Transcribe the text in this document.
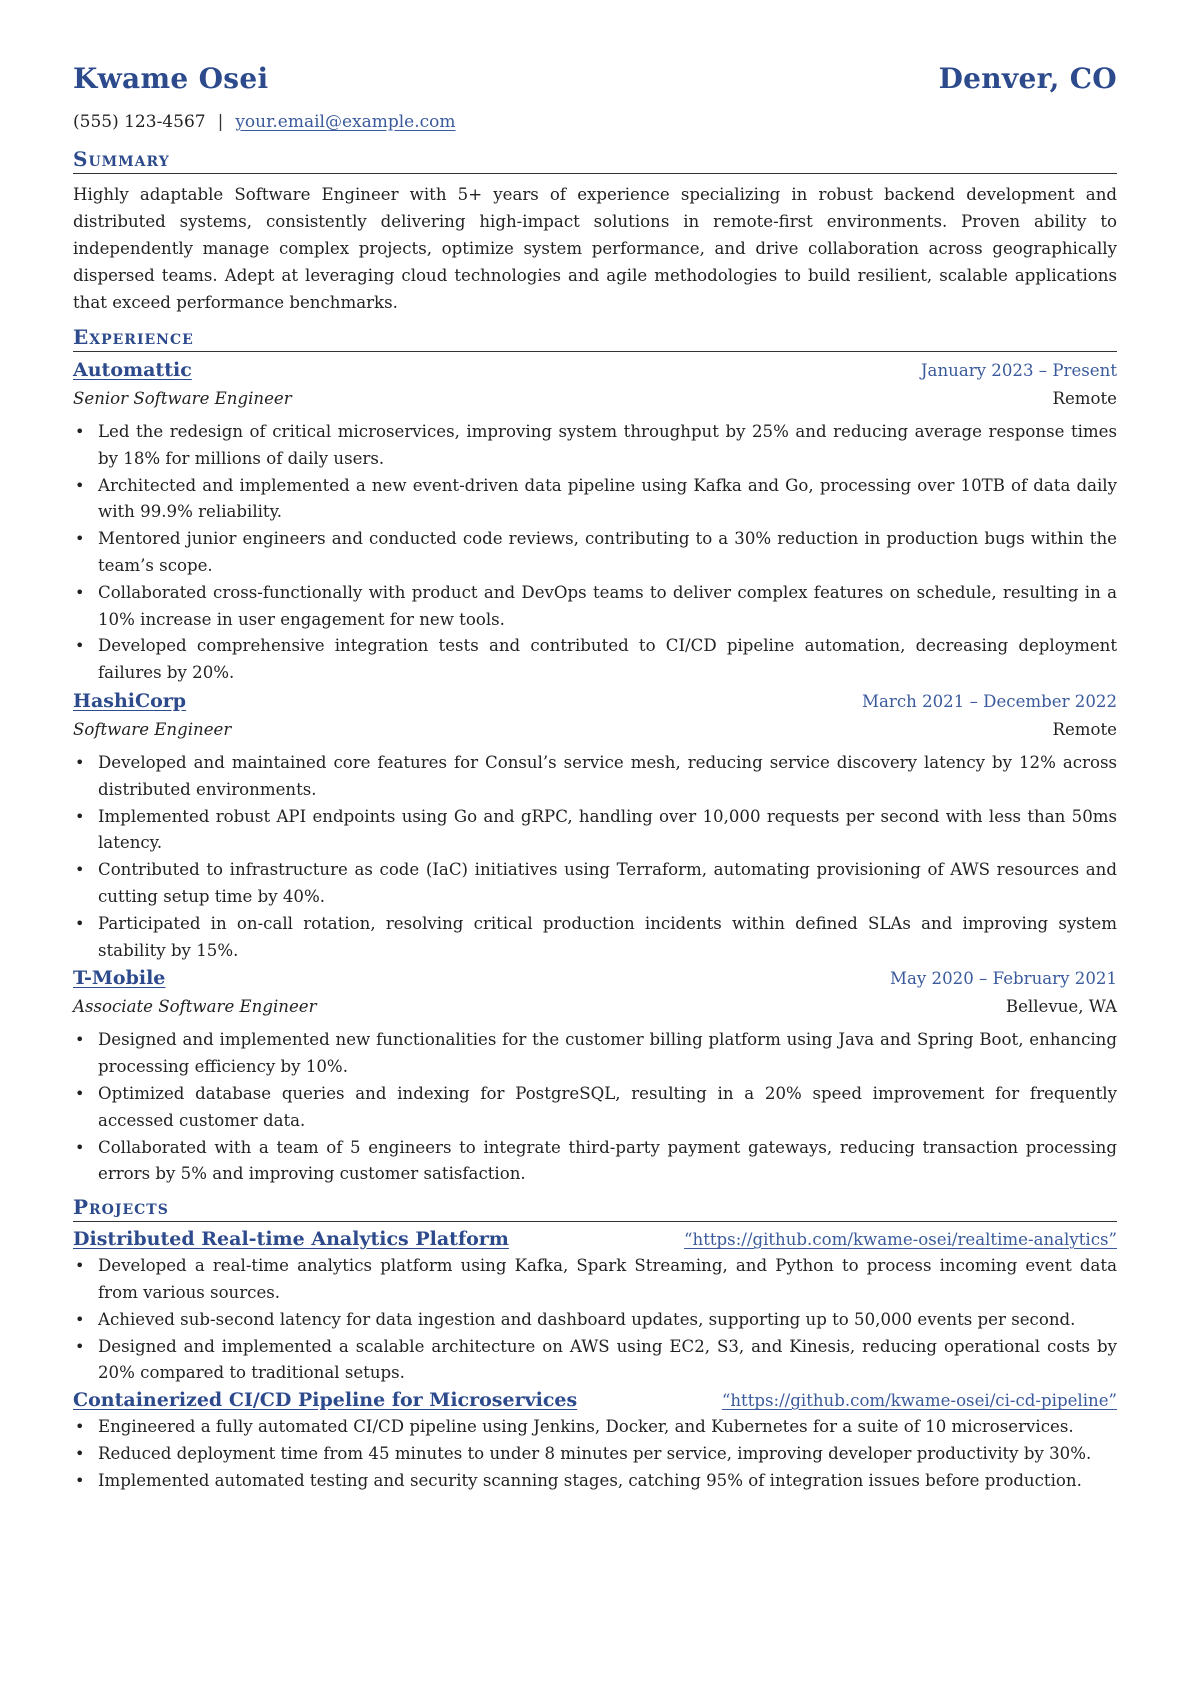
Kwame Osei	Denver, CO
(555) 123-4567 | your.email@example.com
Summary
Highly adaptable Software Engineer with 5+ years of experience specializing in robust backend development and distributed systems, consistently delivering high-impact solutions in remote-first environments. Proven ability to independently manage complex projects, optimize system performance, and drive collaboration across geographically dispersed teams. Adept at leveraging cloud technologies and agile methodologies to build resilient, scalable applications that exceed performance benchmarks.
Experience
Automattic	January 2023 – Present
Senior Software Engineer	Remote
• Led the redesign of critical microservices, improving system throughput by 25% and reducing average response times by 18% for millions of daily users.
• Architected and implemented a new event-driven data pipeline using Kafka and Go, processing over 10TB of data daily with 99.9% reliability.
• Mentored junior engineers and conducted code reviews, contributing to a 30% reduction in production bugs within the team’s scope.
• Collaborated cross-functionally with product and DevOps teams to deliver complex features on schedule, resulting in a 10% increase in user engagement for new tools.
• Developed comprehensive integration tests and contributed to CI/CD pipeline automation, decreasing deployment failures by 20%.
HashiCorp	March 2021 – December 2022
Software Engineer	Remote
• Developed and maintained core features for Consul’s service mesh, reducing service discovery latency by 12% across distributed environments.
• Implemented robust API endpoints using Go and gRPC, handling over 10,000 requests per second with less than 50ms latency.
• Contributed to infrastructure as code (IaC) initiatives using Terraform, automating provisioning of AWS resources and cutting setup time by 40%.
• Participated in on-call rotation, resolving critical production incidents within defined SLAs and improving system stability by 15%.
T-Mobile	May 2020 – February 2021
Associate Software Engineer	Bellevue, WA
• Designed and implemented new functionalities for the customer billing platform using Java and Spring Boot, enhancing processing efficiency by 10%.
• Optimized database queries and indexing for PostgreSQL, resulting in a 20% speed improvement for frequently accessed customer data.
• Collaborated with a team of 5 engineers to integrate third-party payment gateways, reducing transaction processing errors by 5% and improving customer satisfaction.
Projects
Distributed Real-time Analytics Platform	“https://github.com/kwame-osei/realtime-analytics”
• Developed a real-time analytics platform using Kafka, Spark Streaming, and Python to process incoming event data from various sources.
• Achieved sub-second latency for data ingestion and dashboard updates, supporting up to 50,000 events per second.
• Designed and implemented a scalable architecture on AWS using EC2, S3, and Kinesis, reducing operational costs by 20% compared to traditional setups.
Containerized CI/CD Pipeline for Microservices	“https://github.com/kwame-osei/ci-cd-pipeline”
• Engineered a fully automated CI/CD pipeline using Jenkins, Docker, and Kubernetes for a suite of 10 microservices.
• Reduced deployment time from 45 minutes to under 8 minutes per service, improving developer productivity by 30%.
• Implemented automated testing and security scanning stages, catching 95% of integration issues before production.
